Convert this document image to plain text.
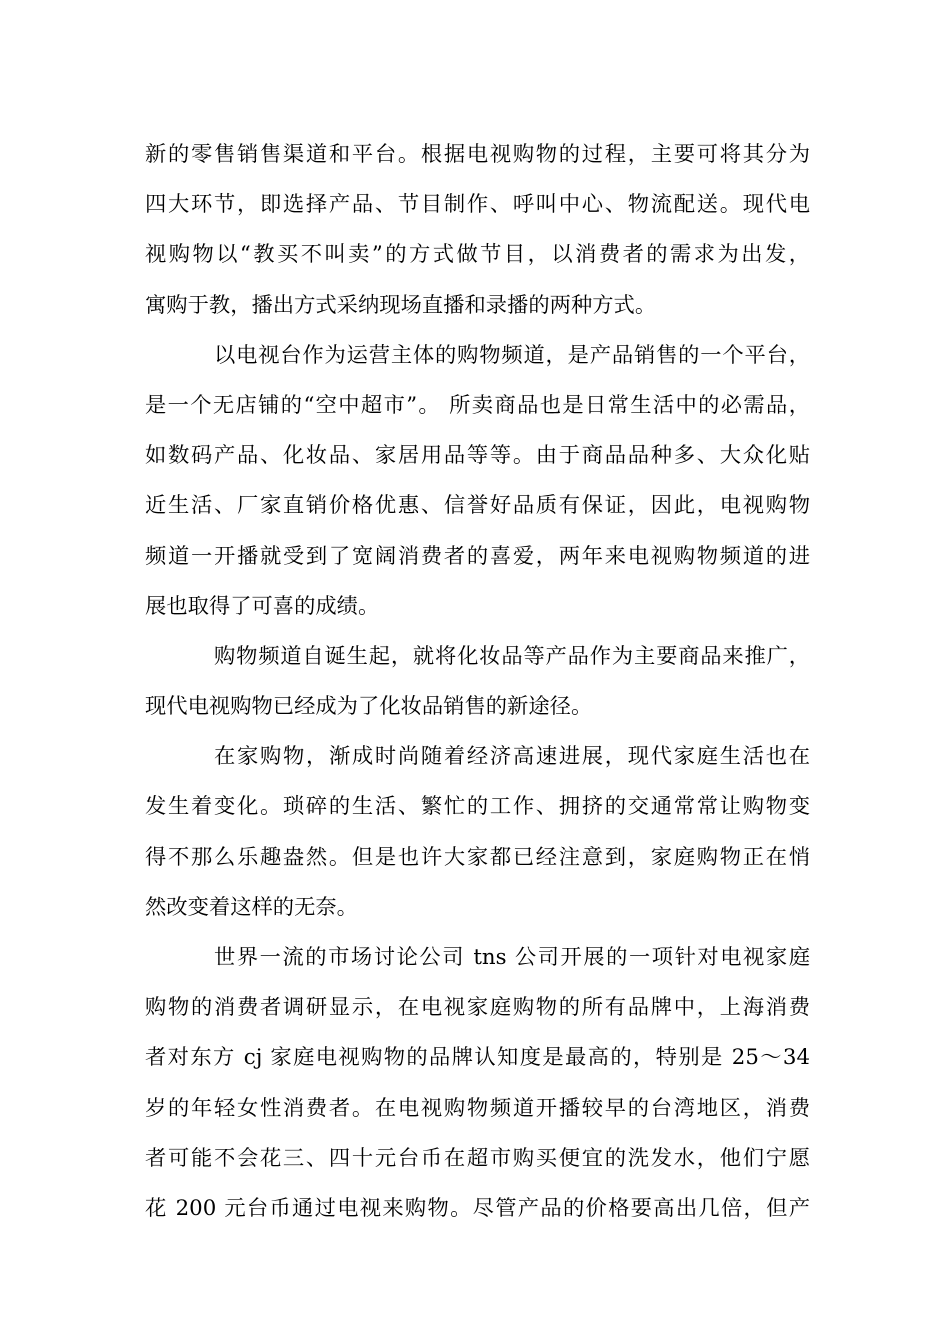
新的零售销售渠道和平台。根据电视购物的过程，主要可将其分为
四大环节，即选择产品、节目制作、呼叫中心、物流配送。现代电
视购物以“教买不叫卖”的方式做节目，以消费者的需求为出发，
寓购于教，播出方式采纳现场直播和录播的两种方式。
以电视台作为运营主体的购物频道，是产品销售的一个平台，
是一个无店铺的“空中超市”。 所卖商品也是日常生活中的必需品，
如数码产品、化妆品、家居用品等等。由于商品品种多、大众化贴
近生活、厂家直销价格优惠、信誉好品质有保证，因此，电视购物
频道一开播就受到了宽阔消费者的喜爱，两年来电视购物频道的进
展也取得了可喜的成绩。
购物频道自诞生起，就将化妆品等产品作为主要商品来推广，
现代电视购物已经成为了化妆品销售的新途径。
在家购物，渐成时尚随着经济高速进展，现代家庭生活也在
发生着变化。琐碎的生活、繁忙的工作、拥挤的交通常常让购物变
得不那么乐趣盎然。但是也许大家都已经注意到，家庭购物正在悄
然改变着这样的无奈。
世界一流的市场讨论公司 tns 公司开展的一项针对电视家庭
购物的消费者调研显示，在电视家庭购物的所有品牌中，上海消费
者对东方 cj 家庭电视购物的品牌认知度是最高的，特别是 25～34
岁的年轻女性消费者。在电视购物频道开播较早的台湾地区，消费
者可能不会花三、四十元台币在超市购买便宜的洗发水，他们宁愿
花 200 元台币通过电视来购物。尽管产品的价格要高出几倍，但产
